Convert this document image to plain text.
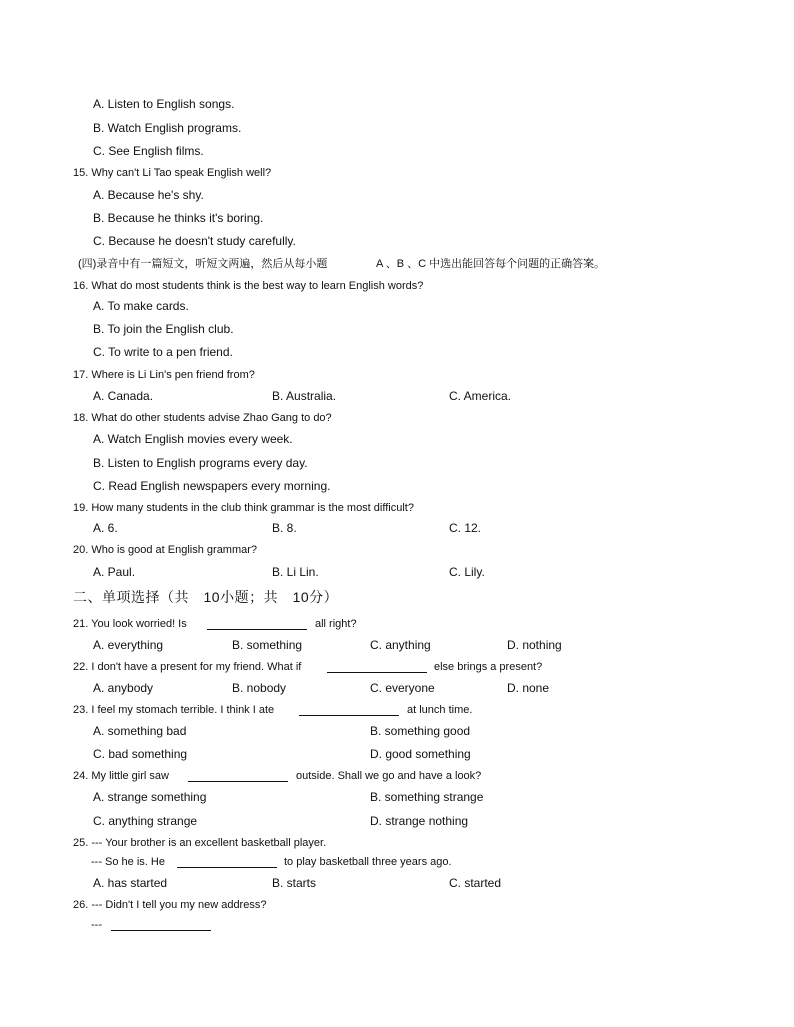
A. Listen to English songs.
B. Watch English programs.
C. See English films.
15. Why can't Li Tao speak English well?
A. Because he's shy.
B. Because he thinks it's boring.
C. Because he doesn't study carefully.
(四)录音中有一篇短文，听短文两遍，然后从每小题	A 、B 、C 中选出能回答每个问题的正确答案。
16. What do most students think is the best way to learn English words?
A. To make cards.
B. To join the English club.
C. To write to a pen friend.
17. Where is Li Lin's pen friend from?
A. Canada.	B. Australia.	C. America.
18. What do other students advise Zhao Gang to do?
A. Watch English movies every week.
B. Listen to English programs every day.
C. Read English newspapers every morning.
19. How many students in the club think grammar is the most difficult?
A. 6.	B. 8.	C. 12.
20. Who is good at English grammar?
A. Paul.	B. Li Lin.	C. Lily.
二、单项选择（共　10小题；共　10分）
21. You look worried! Is	all right?
A. everything	B. something	C. anything	D. nothing
22. I don't have a present for my friend. What if	else brings a present?
A. anybody	B. nobody	C. everyone	D. none
23. I feel my stomach terrible. I think I ate	at lunch time.
A. something bad	B. something good
C. bad something	D. good something
24. My little girl saw	outside. Shall we go and have a look?
A. strange something	B. something strange
C. anything strange	D. strange nothing
25. --- Your brother is an excellent basketball player.
--- So he is. He	to play basketball three years ago.
A. has started	B. starts	C. started
26. --- Didn't I tell you my new address?
---
